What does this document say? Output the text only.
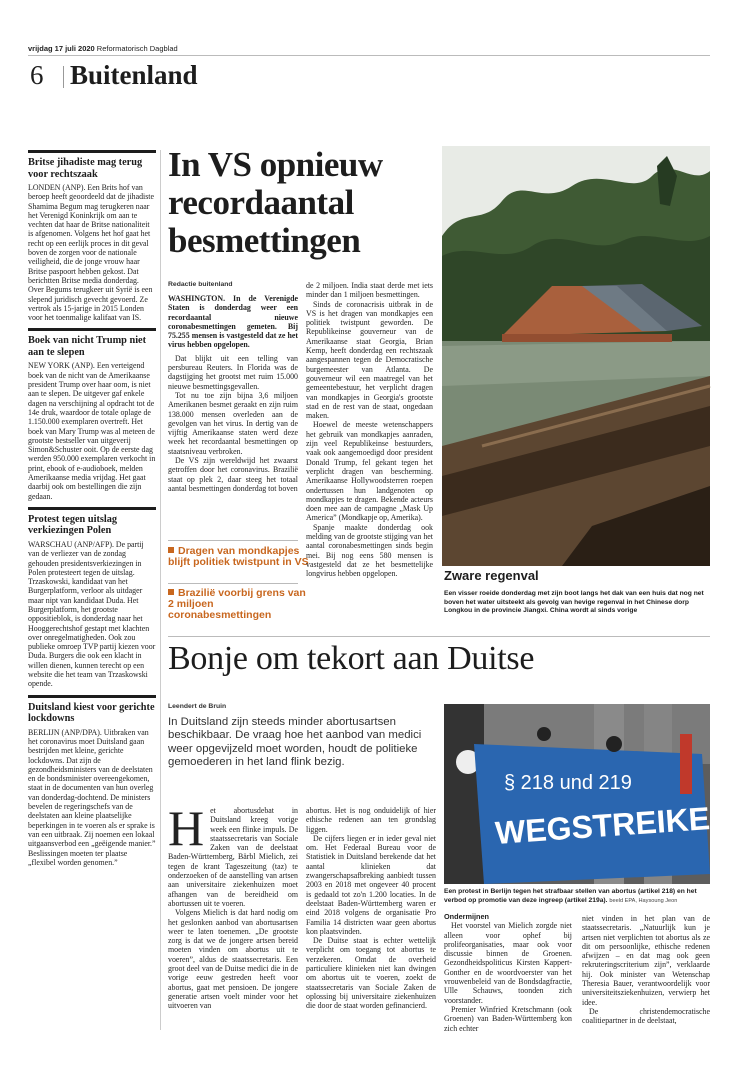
vrijdag 17 juli 2020 Reformatorisch Dagblad
6 Buitenland
Britse jihadiste mag terug voor rechtszaak
LONDEN (ANP). Een Brits hof van beroep heeft geoordeeld dat de jihadiste Shamima Begum mag terugkeren naar het Verenigd Koninkrijk om aan te vechten dat haar de Britse nationaliteit is afgenomen. Volgens het hof gaat het recht op een eerlijk proces in dit geval boven de zorgen voor de nationale veiligheid, die de jonge vrouw haar Britse paspoort hebben gekost. Dat berichtten Britse media donderdag. Over Begums terugkeer uit Syrië is een slepend juridisch gevecht gevoerd. Ze vertrok als 15-jarige in 2015 Londen voor het toenmalige kalifaat van IS.
Boek van nicht Trump niet aan te slepen
NEW YORK (ANP). Een verteigend boek van de nicht van de Amerikaanse president Trump over haar oom, is niet aan te slepen. De uitgever gaf enkele dagen na verschijning al opdracht tot de 14e druk, waardoor de totale oplage de 1.150.000 exemplaren overtreft. Het boek van Mary Trump was al meteen de grootste bestseller van uitgeverij Simon&Schuster ooit. Op de eerste dag werden 950.000 exemplaren verkocht in print, ebook of e-audioboek, melden Amerikaanse media vrijdag. Het gaat daarbij ook om bestellingen die zijn gedaan.
Protest tegen uitslag verkiezingen Polen
WARSCHAU (ANP/AFP). De partij van de verliezer van de zondag gehouden presidentsverkiezingen in Polen protesteert tegen de uitslag. Trzaskowski, kandidaat van het Burgerplatform, verloor als uitdager maar nipt van kandidaat Duda. Het Burgerplatform, het grootste oppositieblok, is donderdag naar het Hooggerechtshof gestapt met klachten over onregelmatigheden. Ook zou publieke omroep TVP partij kiezen voor Duda. Burgers die ook een klacht in willen dienen, kunnen terecht op een website die het team van Trzaskowski opende.
Duitsland kiest voor gerichte lockdowns
BERLIJN (ANP/DPA). Uitbraken van het coronavirus moet Duitsland gaan bestrijden met kleine, gerichte lockdowns. Dat zijn de gezondheidsministers van de deelstaten en de bondsminister overeengekomen, staat in de documenten van hun overleg van donderdag-dochtend. De ministers bevelen de regeringschefs van de deelstaten aan kleine plaatselijke beperkingen in te voeren als er sprake is van een uitbraak. Zij noemen een lokaal uitgaansverbod een „geëigende manier.” Beslissingen moeten ter plaatse „flexibel worden genomen.”
In VS opnieuw recordaantal besmettingen
Redactie buitenland

WASHINGTON. In de Verenigde Staten is donderdag weer een recordaantal nieuwe coronabesmettingen gemeten. Bij 75.255 mensen is vastgesteld dat ze het virus hebben opgelopen.

Dat blijkt uit een telling van persbureau Reuters. In Florida was de dagstijging het grootst met ruim 15.000 nieuwe besmettingsgevallen.

Tot nu toe zijn bijna 3,6 miljoen Amerikanen besmet geraakt en zijn ruim 138.000 mensen overleden aan de gevolgen van het virus. In dertig van de vijftig Amerikaanse staten werd deze week het recordaantal besmettingen op staatsniveau verbroken.

De VS zijn wereldwijd het zwaarst getroffen door het coronavirus. Brazilië staat op plek 2, daar steeg het totaal aantal besmettingen donderdag tot boven

Dragen van mondkapjes blijft politiek twistpunt in VS
Brazilië voorbij grens van 2 miljoen coronabesmettingen

de 2 miljoen. India staat derde met iets minder dan 1 miljoen besmettingen.

Sinds de coronacrisis uitbrak in de VS is het dragen van mondkapjes een politiek twistpunt geworden. De Republikeinse gouverneur van de Amerikaanse staat Georgia, Brian Kemp, heeft donderdag een rechtszaak aangespannen tegen de Democratische burgemeester van Atlanta. De gouverneur wil een maatregel van het gemeentebestuur, het verplicht dragen van mondkapjes in Georgia's grootste stad en de rest van de staat, ongedaan maken.

Hoewel de meeste wetenschappers het gebruik van mondkapjes aanraden, zijn veel Republikeinse bestuurders, vaak ook aangemoedigd door president Donald Trump, fel gekant tegen het verplicht dragen van bescherming. Amerikaanse Hollywoodsterren roepen ondertussen hun landgenoten op mondkapjes te dragen. Bekende acteurs doen mee aan de campagne „Mask Up America” (Mondkapje op, Amerika).

Spanje maakte donderdag ook melding van de grootste stijging van het aantal coronabesmettingen sinds begin mei. Bij nog eens 580 mensen is vastgesteld dat ze het besmettelijke longvirus hebben opgelopen.	Zware regenval
Een visser roeide donderdag met zijn boot langs het dak van een huis dat nog net boven het water uitsteekt als gevolg van hevige regenval in het Chinese dorp Longkou in de provincie Jiangxi. China wordt al sinds vorige
Bonje om tekort aan Duitse
Leendert de Bruin
In Duitsland zijn steeds minder abortusartsen beschikbaar. De vraag hoe het aanbod van medici weer opgevijzeld moet worden, houdt de politieke gemoederen in het land flink bezig.
H et abortusdebat in Duitsland kreeg vorige week een flinke impuls. De staatssecretaris van Sociale Zaken van de deelstaat Baden-Württemberg, Bärbl Mielich, zei tegen de krant Tageszeitung (taz) te onderzoeken of de aanstelling van artsen aan universitaire ziekenhuizen moet afhangen van de bereidheid om abortussen uit te voeren.

Volgens Mielich is dat hard nodig om het geslonken aanbod van abortusartsen weer te laten toenemen. „De grootste zorg is dat we de jongere artsen bereid moeten vinden om abortus uit te voeren”, aldus de staatssecretaris. Een groot deel van de Duitse medici die in de vorige eeuw gestreden heeft voor abortus, gaat met pensioen. De jongere generatie artsen voelt minder voor het uitvoeren van

abortus. Het is nog onduidelijk of hier ethische redenen aan ten grondslag liggen.

De cijfers liegen er in ieder geval niet om. Het Federaal Bureau voor de Statistiek in Duitsland berekende dat het aantal klinieken dat zwangerschapsafbreking aanbiedt tussen 2003 en 2018 met ongeveer 40 procent is gedaald tot zo'n 1.200 locaties. In de deelstaat Baden-Württemberg waren er eind 2018 volgens de organisatie Pro Familia 14 districten waar geen abortus kon plaatsvinden.

De Duitse staat is echter wettelijk verplicht om toegang tot abortus te verzekeren. Omdat de overheid particuliere klinieken niet kan dwingen om abortus uit te voeren, zoekt de staatssecretaris van Sociale Zaken de oplossing bij universitaire ziekenhuizen die door de staat worden gefinancierd.

§ 218 und 219
WEGSTREIKEN
Een protest in Berlijn tegen het strafbaar stellen van abortus (artikel 218) en het verbod op promotie van deze ingreep (artikel 219a). beeld EPA, Haysoung Jeon
Ondermijnen

Het voorstel van Mielich zorgde niet alleen voor ophef bij prolifeorganisaties, maar ook voor discussie binnen de Groenen. Gezondheidspoliticus Kirsten Kappert-Gonther en de woordvoerster van het vrouwenbeleid van de Bondsdagfractie, Ulle Schauws, toonden zich voorstander.

Premier Winfried Kretschmann (ook Groenen) van Baden-Württemberg kon zich echter

niet vinden in het plan van de staatssecretaris. „Natuurlijk kun je artsen niet verplichten tot abortus als ze dit om persoonlijke, ethische redenen afwijzen – en dat mag ook geen rekruteringscriterium zijn”, verklaarde hij. Ook minister van Wetenschap Theresia Bauer, verantwoordelijk voor universiteitsziekenhuizen, verwierp het idee.

De christendemocratische coalitiepartner in de deelstaat,
